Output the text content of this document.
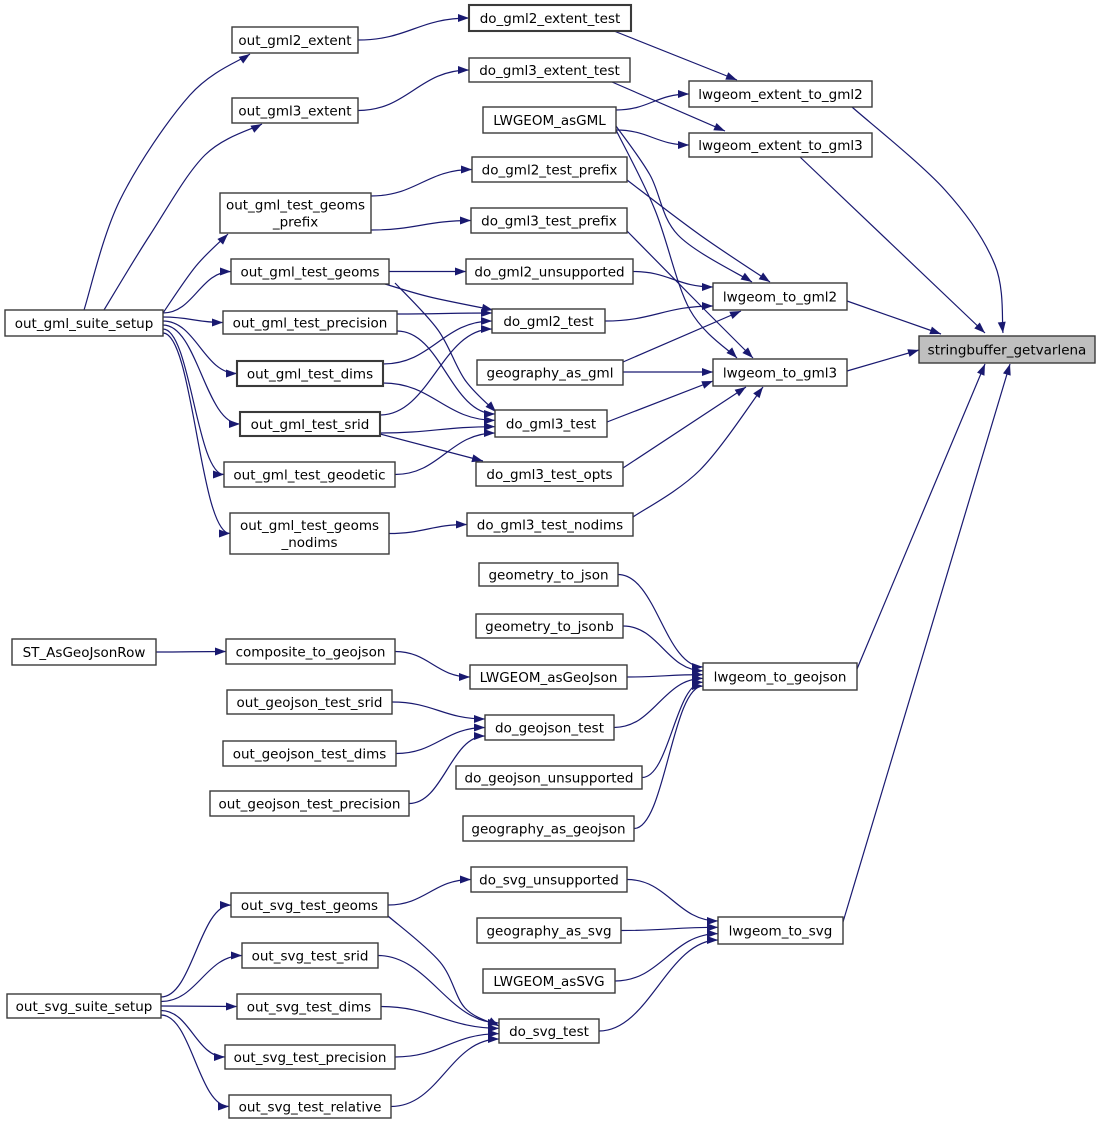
out_gml2_extent
out_gml3_extent
out_gml_test_geoms _prefix
out_gml_test_geoms
out_gml_suite_setup	out_gml_test_precision
out_gml_test_dims
out_gml_test_srid
out_gml_test_geodetic
out_gml_test_geoms _nodims
do_gml2_extent_test
do_gml3_extent_test
LWGEOM_asGML
lwgeom_extent_to_gml2
lwgeom_extent_to_gml3
do_gml2_test_prefix
do_gml3_test_prefix
do_gml2_unsupported
do_gml2_test
geography_as_gml
do_gml3_test
do_gml3_test_opts
do_gml3_test_nodims
lwgeom_to_gml2
lwgeom_to_gml3
stringbuffer_getvarlena
ST_AsGeoJsonRow	composite_to_geojson
out_geojson_test_srid
out_geojson_test_dims
out_geojson_test_precision
geometry_to_json
geometry_to_jsonb
LWGEOM_asGeoJson
do_geojson_test
do_geojson_unsupported
geography_as_geojson
lwgeom_to_geojson
out_svg_suite_setup
out_svg_test_geoms
out_svg_test_srid
out_svg_test_dims
out_svg_test_precision
out_svg_test_relative
do_svg_unsupported
geography_as_svg
LWGEOM_asSVG
do_svg_test
lwgeom_to_svg
